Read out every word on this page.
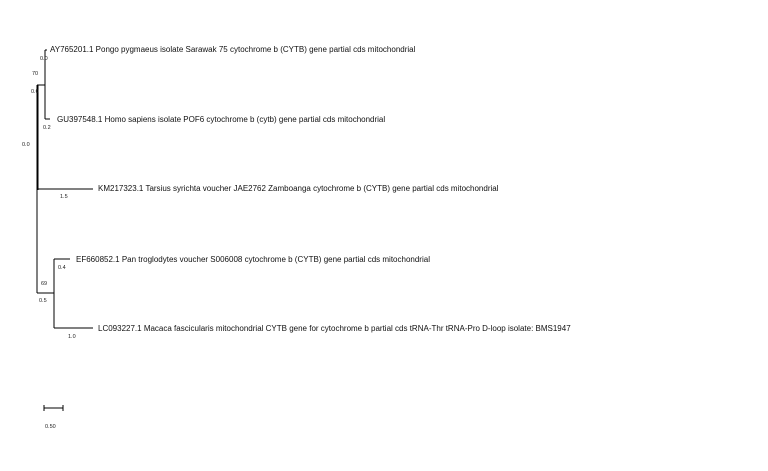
AY765201.1 Pongo pygmaeus isolate Sarawak 75 cytochrome b (CYTB) gene partial cds mitochondrial
GU397548.1 Homo sapiens isolate POF6 cytochrome b (cytb) gene partial cds mitochondrial
KM217323.1 Tarsius syrichta voucher JAE2762 Zamboanga cytochrome b (CYTB) gene partial cds mitochondrial
EF660852.1 Pan troglodytes voucher S006008 cytochrome b (CYTB) gene partial cds mitochondrial
LC093227.1 Macaca fascicularis mitochondrial CYTB gene for cytochrome b partial cds tRNA-Thr tRNA-Pro D-loop isolate: BMS1947
0.0
0.2
1.5
0.4
1.0
0.0
0.0
0.5
70
69
0.50
